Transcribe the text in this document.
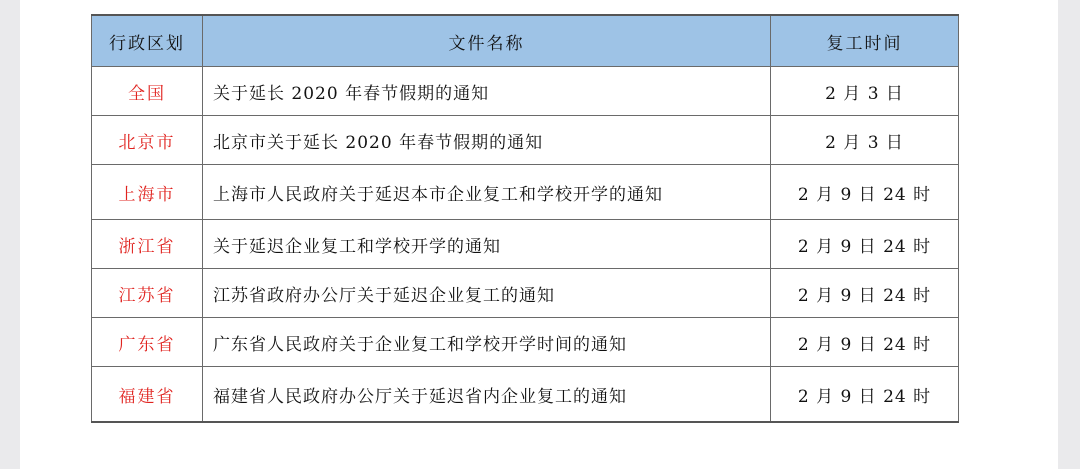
行政区划	文件名称	复工时间
全国	关于延长 2020 年春节假期的通知	2 月 3 日
北京市	北京市关于延长 2020 年春节假期的通知	2 月 3 日
上海市	上海市人民政府关于延迟本市企业复工和学校开学的通知	2 月 9 日 24 时
浙江省	关于延迟企业复工和学校开学的通知	2 月 9 日 24 时
江苏省	江苏省政府办公厅关于延迟企业复工的通知	2 月 9 日 24 时
广东省	广东省人民政府关于企业复工和学校开学时间的通知	2 月 9 日 24 时
福建省	福建省人民政府办公厅关于延迟省内企业复工的通知	2 月 9 日 24 时
